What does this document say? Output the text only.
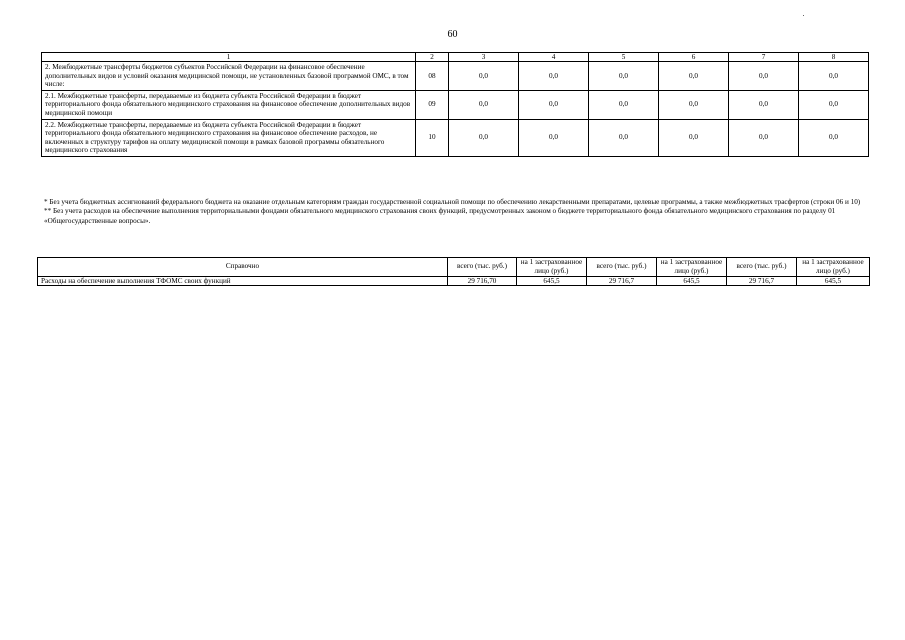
60
1	2	3	4	5	6	7	8
2. Межбюджетные трансферты бюджетов субъектов Российской Федерации на финансовое обеспечение дополнительных видов и условий оказания медицинской помощи, не установленных базовой программой ОМС, в том числе:	08	0,0	0,0	0,0	0,0	0,0	0,0
2.1. Межбюджетные трансферты, передаваемые из бюджета субъекта Российской Федерации в бюджет территориального фонда обязательного медицинского страхования на финансовое обеспечение дополнительных видов медицинской помощи	09	0,0	0,0	0,0	0,0	0,0	0,0
2.2. Межбюджетные трансферты, передаваемые из бюджета субъекта Российской Федерации в бюджет территориального фонда обязательного медицинского страхования на финансовое обеспечение расходов, не включенных в структуру тарифов на оплату медицинской помощи в рамках базовой программы обязательного медицинского страхования	10	0,0	0,0	0,0	0,0	0,0	0,0

* Без учета бюджетных ассигнований федерального бюджета на оказание отдельным категориям граждан государственной социальной помощи по обеспечению лекарственными препаратами, целевые программы, а также межбюджетных трасфертов (строки 06 и 10)

** Без учета расходов на обеспечение выполнения территориальными фондами обязательного медицинского страхования своих функций, предусмотренных законом о бюджете территориального фонда обязательного медицинского страхования по разделу 01 «Общегосударственные вопросы».

Справочно	всего (тыс. руб.)	на 1 застрахованное лицо (руб.)	всего (тыс. руб.)	на 1 застрахованное лицо (руб.)	всего (тыс. руб.)	на 1 застрахованное лицо (руб.)
Расходы на обеспечение выполнения ТФОМС своих функций	29 716,70	645,5	29 716,7	645,5	29 716,7	645,5
